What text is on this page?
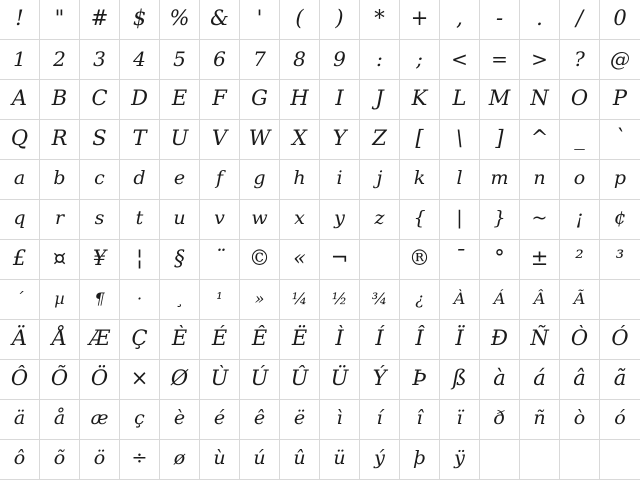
! " # $ % & ' ( ) * + , - . / 0
1 2 3 4 5 6 7 8 9 : ; < = > ? @
A B C D E F G H I J K L M N O P
Q R S T U V W X Y Z [ \ ] ^ _ `
a b c d e f g h i j k l m n o p
q r s t u v w x y z { | } ~ ¡ ¢
£ ¤ ¥ ¦ § ¨ © « ¬	® ¯ ° ± ² ³
´ µ ¶ · ¸ ¹ » ¼ ½ ¾ ¿ À Á Â Ã
Ä Å Æ Ç È É Ê Ë Ì Í Î Ï Ð Ñ Ò Ó
Ô Õ Ö × Ø Ù Ú Û Ü Ý Þ ß à á â ã
ä å æ ç è é ê ë ì í î ï ð ñ ò ó
ô õ ö ÷ ø ù ú û ü ý þ ÿ
